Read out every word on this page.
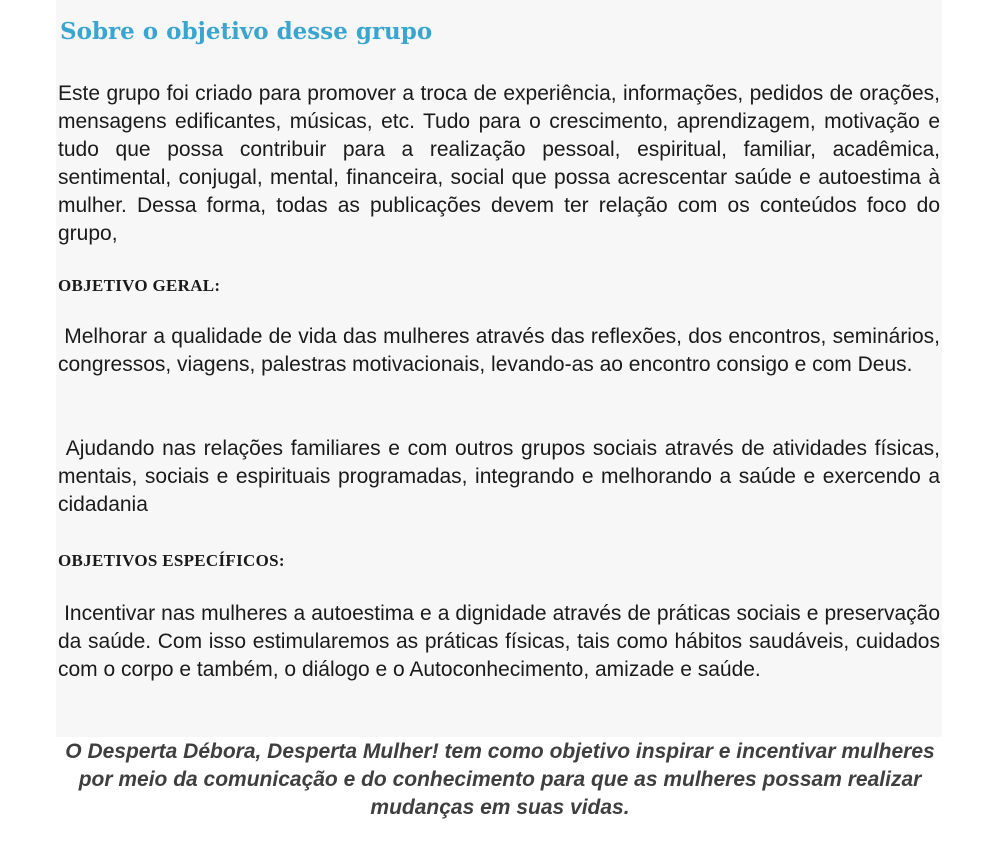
Sobre o objetivo desse grupo

Este grupo foi criado para promover a troca de experiência, informações, pedidos de orações, mensagens edificantes, músicas, etc. Tudo para o crescimento, aprendizagem, motivação e tudo que possa contribuir para a realização pessoal, espiritual, familiar, acadêmica, sentimental, conjugal, mental, financeira, social que possa acrescentar saúde e autoestima à mulher. Dessa forma, todas as publicações devem ter relação com os conteúdos foco do grupo,

OBJETIVO GERAL:

Melhorar a qualidade de vida das mulheres através das reflexões, dos encontros, seminários, congressos, viagens, palestras motivacionais, levando-as ao encontro consigo e com Deus.

Ajudando nas relações familiares e com outros grupos sociais através de atividades físicas, mentais, sociais e espirituais programadas, integrando e melhorando a saúde e exercendo a cidadania

OBJETIVOS ESPECÍFICOS:

Incentivar nas mulheres a autoestima e a dignidade através de práticas sociais e preservação da saúde. Com isso estimularemos as práticas físicas, tais como hábitos saudáveis, cuidados com o corpo e também, o diálogo e o Autoconhecimento, amizade e saúde.

O Desperta Débora, Desperta Mulher! tem como objetivo inspirar e incentivar mulheres por meio da comunicação e do conhecimento para que as mulheres possam realizar mudanças em suas vidas.
